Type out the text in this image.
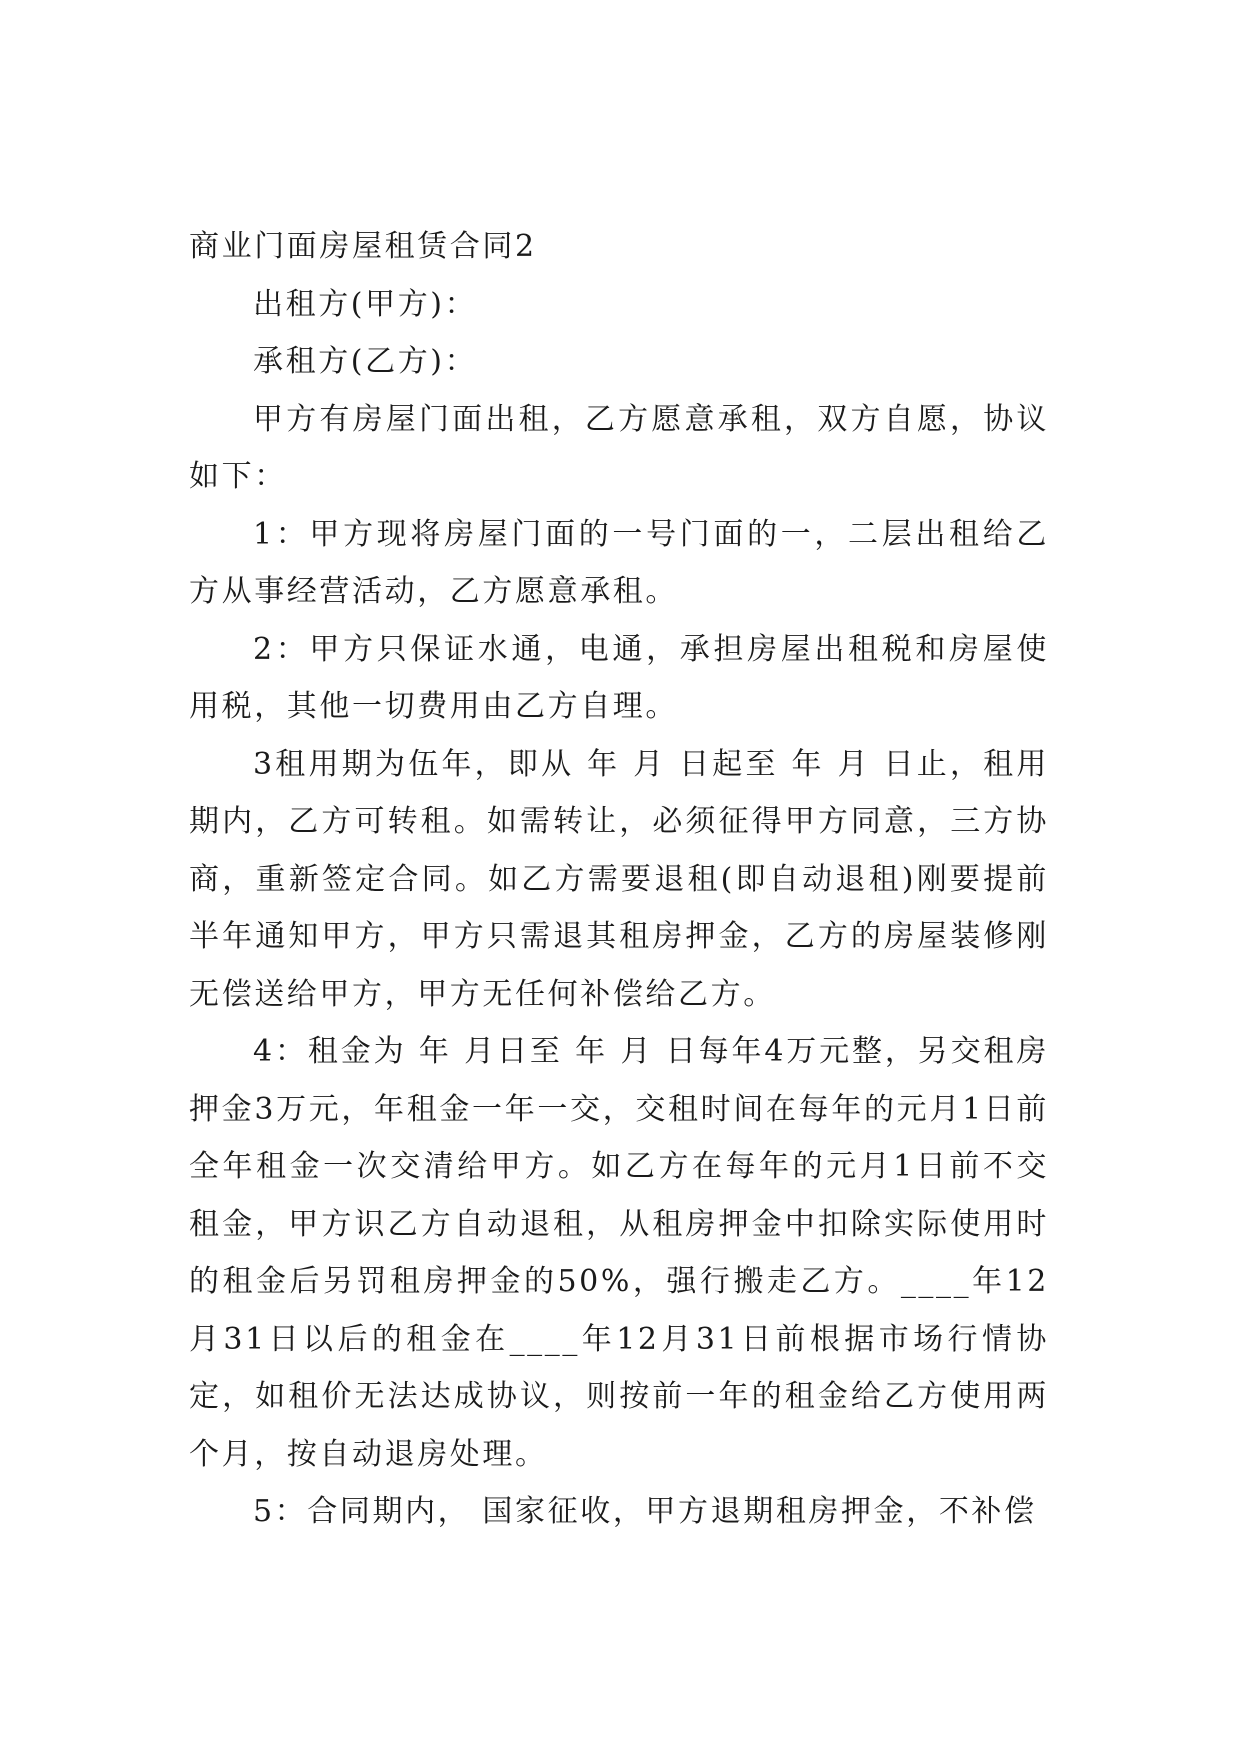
商业门面房屋租赁合同2

出租方(甲方)：

承租方(乙方)：

甲方有房屋门面出租，乙方愿意承租，双方自愿，协议如下：

1：甲方现将房屋门面的一号门面的一，二层出租给乙方从事经营活动，乙方愿意承租。

2：甲方只保证水通，电通，承担房屋出租税和房屋使用税，其他一切费用由乙方自理。

3租用期为伍年，即从 年 月 日起至 年 月 日止，租用期内，乙方可转租。如需转让，必须征得甲方同意，三方协商，重新签定合同。如乙方需要退租(即自动退租)刚要提前半年通知甲方，甲方只需退其租房押金，乙方的房屋装修刚无偿送给甲方，甲方无任何补偿给乙方。

4：租金为 年 月日至 年 月 日每年4万元整，另交租房押金3万元，年租金一年一交，交租时间在每年的元月1日前全年租金一次交清给甲方。如乙方在每年的元月1日前不交租金，甲方识乙方自动退租，从租房押金中扣除实际使用时的租金后另罚租房押金的50%，强行搬走乙方。____年12月31日以后的租金在____年12月31日前根据市场行情协定，如租价无法达成协议，则按前一年的租金给乙方使用两个月，按自动退房处理。

5：合同期内， 国家征收，甲方退期租房押金，不补偿
